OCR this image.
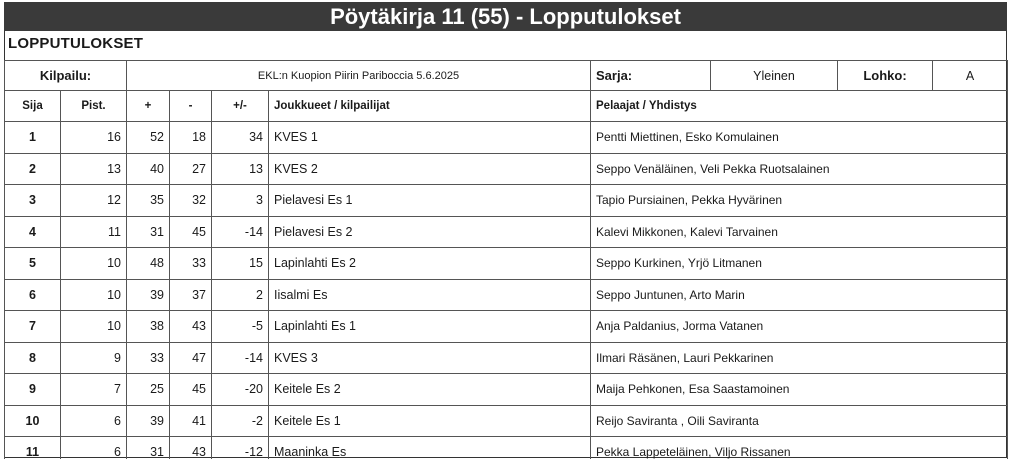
Pöytäkirja 11 (55) - Lopputulokset
LOPPUTULOKSET
Kilpailu:		EKL:n Kuopion Piirin Pariboccia 5.6.2025				Sarja:	Yleinen	Lohko:	A
Sija	Pist.	+	-	+/-	Joukkueet / kilpailijat	Pelaajat / Yhdistys			
1	16	52	18	34	KVES 1	Pentti Miettinen, Esko Komulainen			
2	13	40	27	13	KVES 2	Seppo Venäläinen, Veli Pekka Ruotsalainen			
3	12	35	32	3	Pielavesi Es 1	Tapio Pursiainen, Pekka Hyvärinen			
4	11	31	45	-14	Pielavesi Es 2	Kalevi Mikkonen, Kalevi Tarvainen			
5	10	48	33	15	Lapinlahti Es 2	Seppo Kurkinen, Yrjö Litmanen			
6	10	39	37	2	Iisalmi Es	Seppo Juntunen, Arto Marin			
7	10	38	43	-5	Lapinlahti Es 1	Anja Paldanius, Jorma Vatanen			
8	9	33	47	-14	KVES 3	Ilmari Räsänen, Lauri Pekkarinen			
9	7	25	45	-20	Keitele Es 2	Maija Pehkonen, Esa Saastamoinen			
10	6	39	41	-2	Keitele Es 1	Reijo Saviranta , Oili Saviranta			
11	6	31	43	-12	Maaninka Es	Pekka Lappeteläinen, Viljo Rissanen			
